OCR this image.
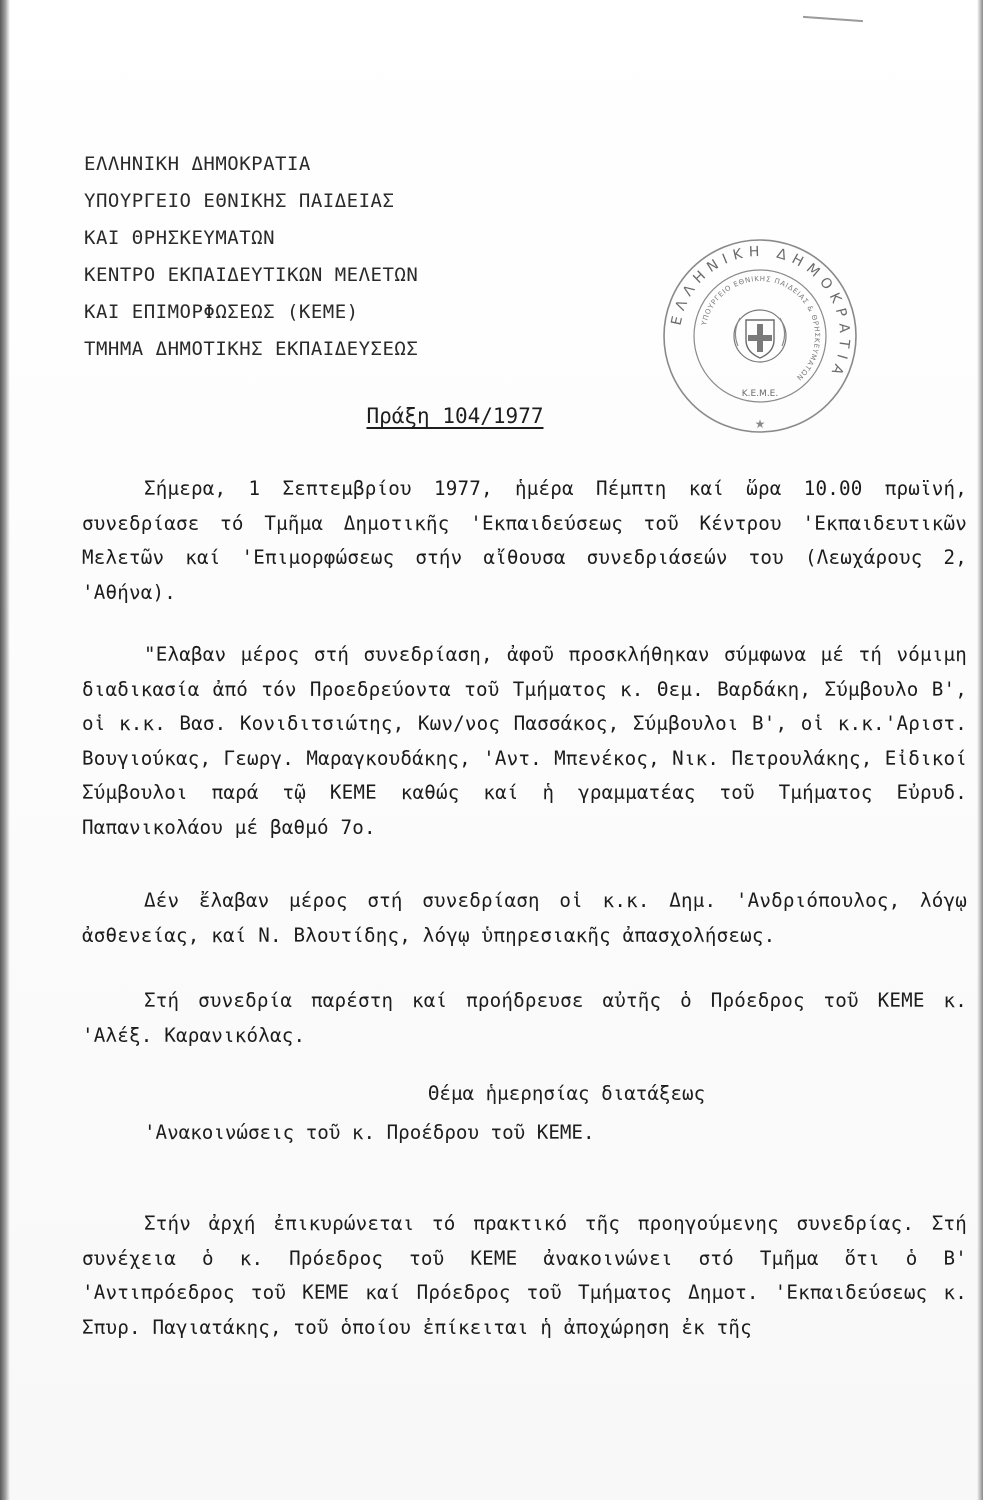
ΕΛΛΗΝΙΚΗ ΔΗΜΟΚΡΑΤΙΑ
ΥΠΟΥΡΓΕΙΟ ΕΘΝΙΚΗΣ ΠΑΙΔΕΙΑΣ
ΚΑΙ ΘΡΗΣΚΕΥΜΑΤΩΝ
ΚΕΝΤΡΟ ΕΚΠΑΙΔΕΥΤΙΚΩΝ ΜΕΛΕΤΩΝ
ΚΑΙ ΕΠΙΜΟΡΦΩΣΕΩΣ (ΚΕΜΕ)
ΤΜΗΜΑ ΔΗΜΟΤΙΚΗΣ ΕΚΠΑΙΔΕΥΣΕΩΣ
ΕΛΛΗΝΙΚΗ ΔΗΜΟΚΡΑΤΙΑ
ΥΠΟΥΡΓΕΙΟ ΕΘΝΙΚΗΣ ΠΑΙΔΕΙΑΣ & ΘΡΗΣΚΕΥΜΑΤΩΝ
Κ.Ε.Μ.Ε.
★
Πράξη 104/1977

Σήμερα, 1 Σεπτεμβρίου 1977, ἡμέρα Πέμπτη καί ὥρα 10.00 πρωϊνή, συνεδρίασε τό Τμῆμα Δημοτικῆς 'Εκπαιδεύσεως τοῦ Κέντρου 'Εκπαιδευτικῶν Μελετῶν καί 'Επιμορφώσεως στήν αἴθουσα συνεδριάσεών του (Λεωχάρους 2, 'Αθήνα).

"Ελαβαν μέρος στή συνεδρίαση, ἀφοῦ προσκλήθηκαν σύμφωνα μέ τή νόμιμη διαδικασία ἀπό τόν Προεδρεύοντα τοῦ Τμήματος κ. Θεμ. Βαρδάκη, Σύμβουλο Β', οἱ κ.κ. Βασ. Κονιδιτσιώτης, Κων/νος Πασσάκος, Σύμβουλοι Β', οἱ κ.κ.'Αριστ. Βουγιούκας, Γεωργ. Μαραγκουδάκης, 'Αντ. Μπενέκος, Νικ. Πετρουλάκης, Εἰδικοί Σύμβουλοι παρά τῷ ΚΕΜΕ καθώς καί ἡ γραμματέας τοῦ Τμήματος Εὐρυδ. Παπανικολάου μέ βαθμό 7ο.

Δέν ἔλαβαν μέρος στή συνεδρίαση οἱ κ.κ. Δημ. 'Ανδριόπουλος, λόγῳ ἀσθενείας, καί Ν. Βλουτίδης, λόγῳ ὑπηρεσιακῆς ἀπασχολήσεως.

Στή συνεδρία παρέστη καί προήδρευσε αὐτῆς ὁ Πρόεδρος τοῦ ΚΕΜΕ κ. 'Αλέξ. Καρανικόλας.

Θέμα ἡμερησίας διατάξεως
'Ανακοινώσεις τοῦ κ. Προέδρου τοῦ ΚΕΜΕ.

Στήν ἀρχή ἐπικυρώνεται τό πρακτικό τῆς προηγούμενης συνεδρίας. Στή συνέχεια ὁ κ. Πρόεδρος τοῦ ΚΕΜΕ ἀνακοινώνει στό Τμῆμα ὅτι ὁ Β' 'Αντιπρόεδρος τοῦ ΚΕΜΕ καί Πρόεδρος τοῦ Τμήματος Δημοτ. 'Εκπαιδεύσεως κ. Σπυρ. Παγιατάκης, τοῦ ὁποίου ἐπίκειται ἡ ἀποχώρηση ἐκ τῆς
